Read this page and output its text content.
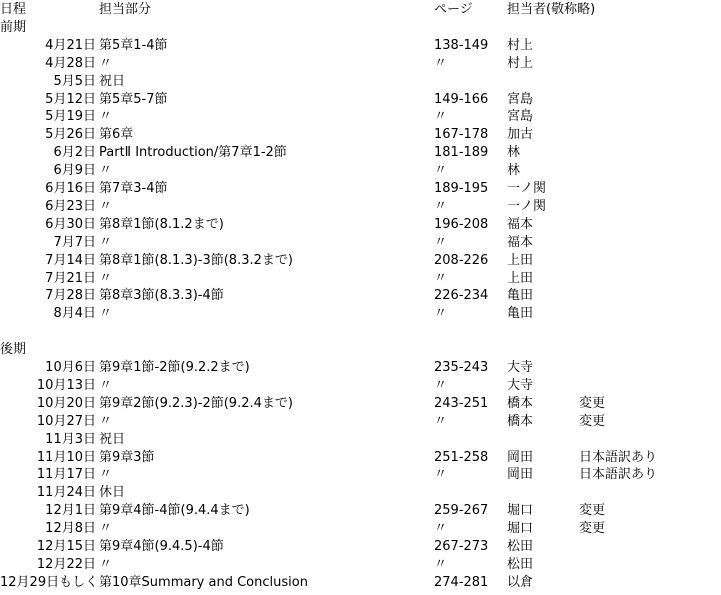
日程	担当部分	ページ	担当者(敬称略)
前期
4月21日 第5章1-4節	138-149 村上
4月28日 〃	〃	村上
5月5日 祝日
5月12日 第5章5-7節	149-166 宮島
5月19日 〃	〃	宮島
5月26日 第6章	167-178 加古
6月2日 PartⅡ Introduction/第7章1-2節	181-189 林
6月9日 〃	〃	林
6月16日 第7章3-4節	189-195 一ノ関
6月23日 〃	〃	一ノ関
6月30日 第8章1節(8.1.2まで)	196-208 福本
7月7日 〃	〃	福本
7月14日 第8章1節(8.1.3)-3節(8.3.2まで)	208-226 上田
7月21日 〃	〃	上田
7月28日 第8章3節(8.3.3)-4節	226-234 亀田
8月4日 〃	〃	亀田
後期
10月6日 第9章1節-2節(9.2.2まで)	235-243 大寺
10月13日 〃	〃	大寺
10月20日 第9章2節(9.2.3)-2節(9.2.4まで)	243-251 橋本	変更
10月27日 〃	〃	橋本	変更
11月3日 祝日
11月10日 第9章3節	251-258 岡田	日本語訳あり
11月17日 〃	〃	岡田	日本語訳あり
11月24日 休日
12月1日 第9章4節-4節(9.4.4まで)	259-267 堀口	変更
12月8日 〃	〃	堀口	変更
12月15日 第9章4節(9.4.5)-4節	267-273 松田
12月22日 〃	〃	松田
12月29日もしく 第10章Summary and Conclusion	274-281 以倉
